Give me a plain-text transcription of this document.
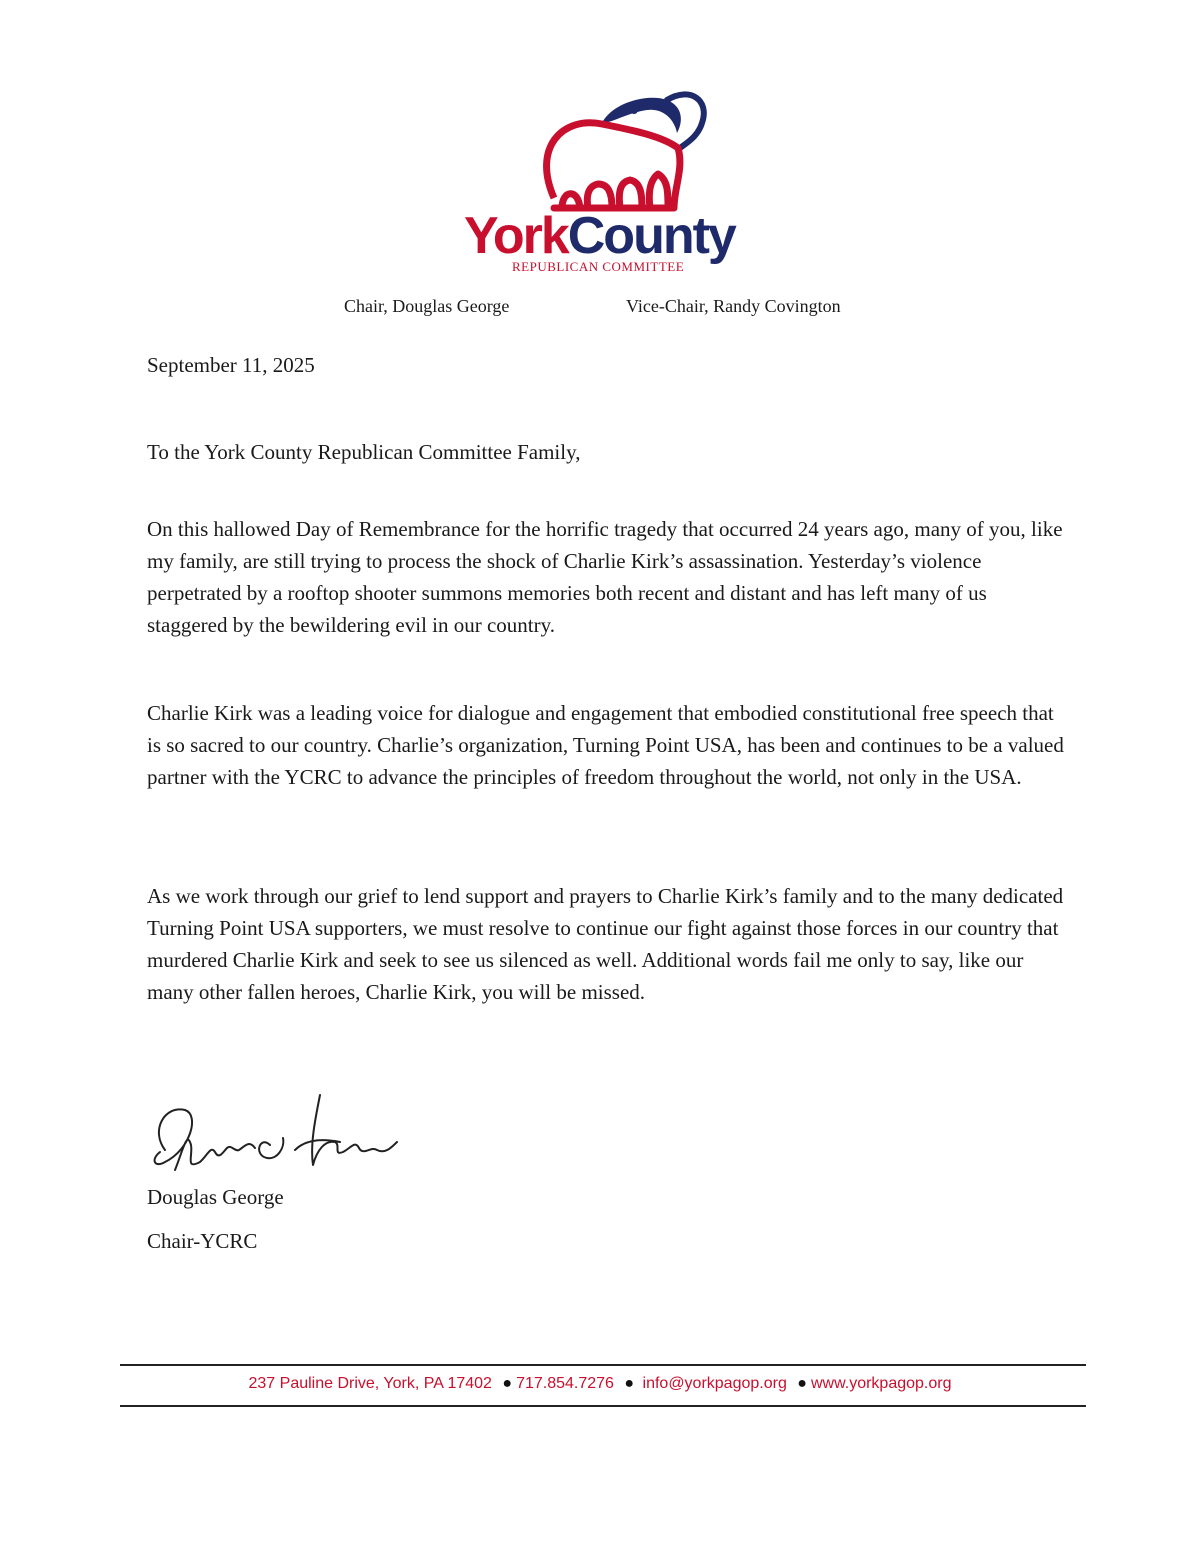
YorkCounty
REPUBLICAN COMMITTEE
Chair, Douglas George	Vice-Chair, Randy Covington

September 11, 2025

To the York County Republican Committee Family,

On this hallowed Day of Remembrance for the horrific tragedy that occurred 24 years ago, many of you, like my family, are still trying to process the shock of Charlie Kirk’s assassination. Yesterday’s violence perpetrated by a rooftop shooter summons memories both recent and distant and has left many of us staggered by the bewildering evil in our country.

Charlie Kirk was a leading voice for dialogue and engagement that embodied constitutional free speech that is so sacred to our country. Charlie’s organization, Turning Point USA, has been and continues to be a valued partner with the YCRC to advance the principles of freedom throughout the world, not only in the USA.

As we work through our grief to lend support and prayers to Charlie Kirk’s family and to the many dedicated Turning Point USA supporters, we must resolve to continue our fight against those forces in our country that murdered Charlie Kirk and seek to see us silenced as well. Additional words fail me only to say, like our many other fallen heroes, Charlie Kirk, you will be missed.

Douglas George

Chair-YCRC

237 Pauline Drive, York, PA 17402 ● 717.854.7276 ● info@yorkpagop.org ● www.yorkpagop.org
